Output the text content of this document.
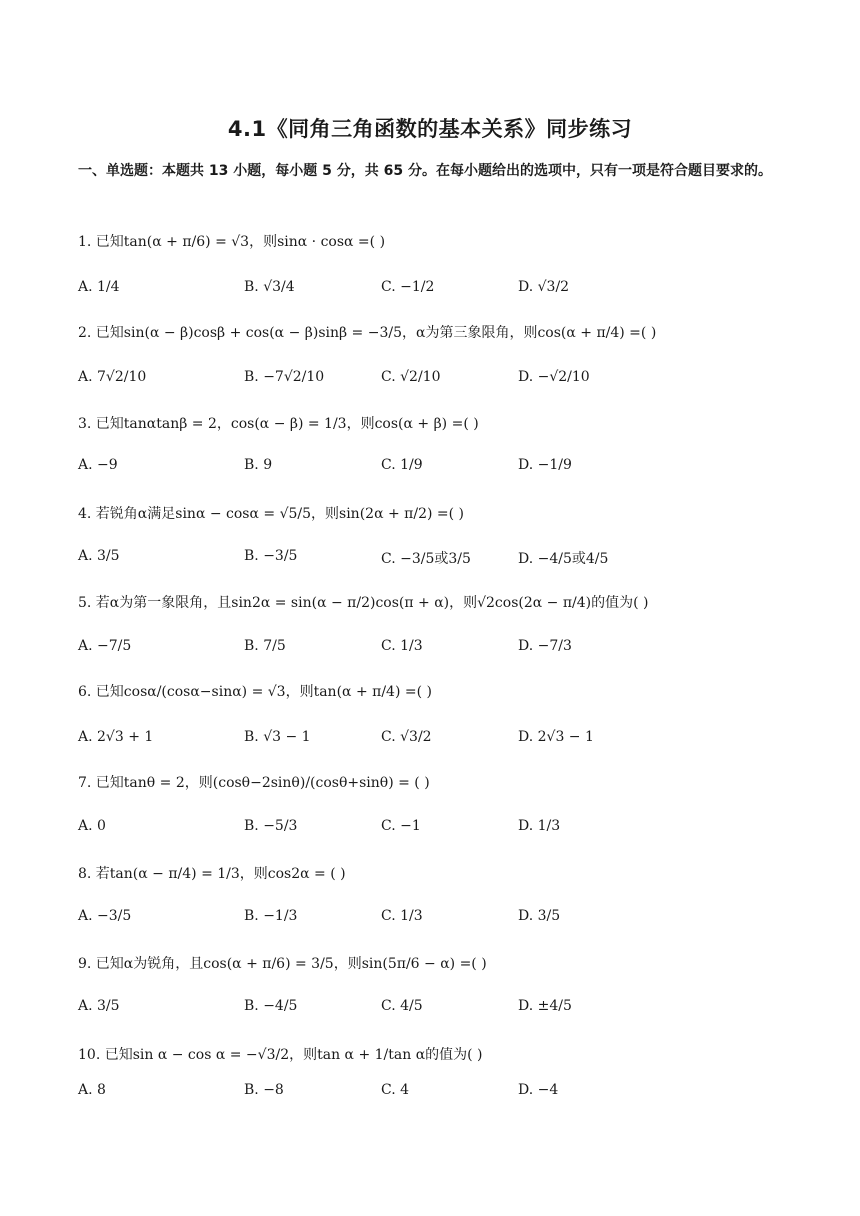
4.1《同角三角函数的基本关系》同步练习
一、单选题：本题共 13 小题，每小题 5 分，共 65 分。在每小题给出的选项中，只有一项是符合题目要求的。
1. 已知tan(α + π/6) = √3，则sinα · cosα =( )
A. 1/4	B. √3/4	C. −1/2	D. √3/2
2. 已知sin(α − β)cosβ + cos(α − β)sinβ = −3/5，α为第三象限角，则cos(α + π/4) =( )
A. 7√2/10	B. −7√2/10	C. √2/10	D. −√2/10
3. 已知tanαtanβ = 2，cos(α − β) = 1/3，则cos(α + β) =( )
A. −9	B. 9	C. 1/9	D. −1/9
4. 若锐角α满足sinα − cosα = √5/5，则sin(2α + π/2) =( )
A. 3/5	B. −3/5	C. −3/5或3/5	D. −4/5或4/5
5. 若α为第一象限角，且sin2α = sin(α − π/2)cos(π + α)，则√2cos(2α − π/4)的值为( )
A. −7/5	B. 7/5	C. 1/3	D. −7/3
6. 已知cosα/(cosα−sinα) = √3，则tan(α + π/4) =( )
A. 2√3 + 1	B. √3 − 1	C. √3/2	D. 2√3 − 1
7. 已知tanθ = 2，则(cosθ−2sinθ)/(cosθ+sinθ) = ( )
A. 0	B. −5/3	C. −1	D. 1/3
8. 若tan(α − π/4) = 1/3，则cos2α = ( )
A. −3/5	B. −1/3	C. 1/3	D. 3/5
9. 已知α为锐角，且cos(α + π/6) = 3/5，则sin(5π/6 − α) =( )
A. 3/5	B. −4/5	C. 4/5	D. ±4/5
10. 已知sin α − cos α = −√3/2，则tan α + 1/tan α的值为( )
A. 8	B. −8	C. 4	D. −4
